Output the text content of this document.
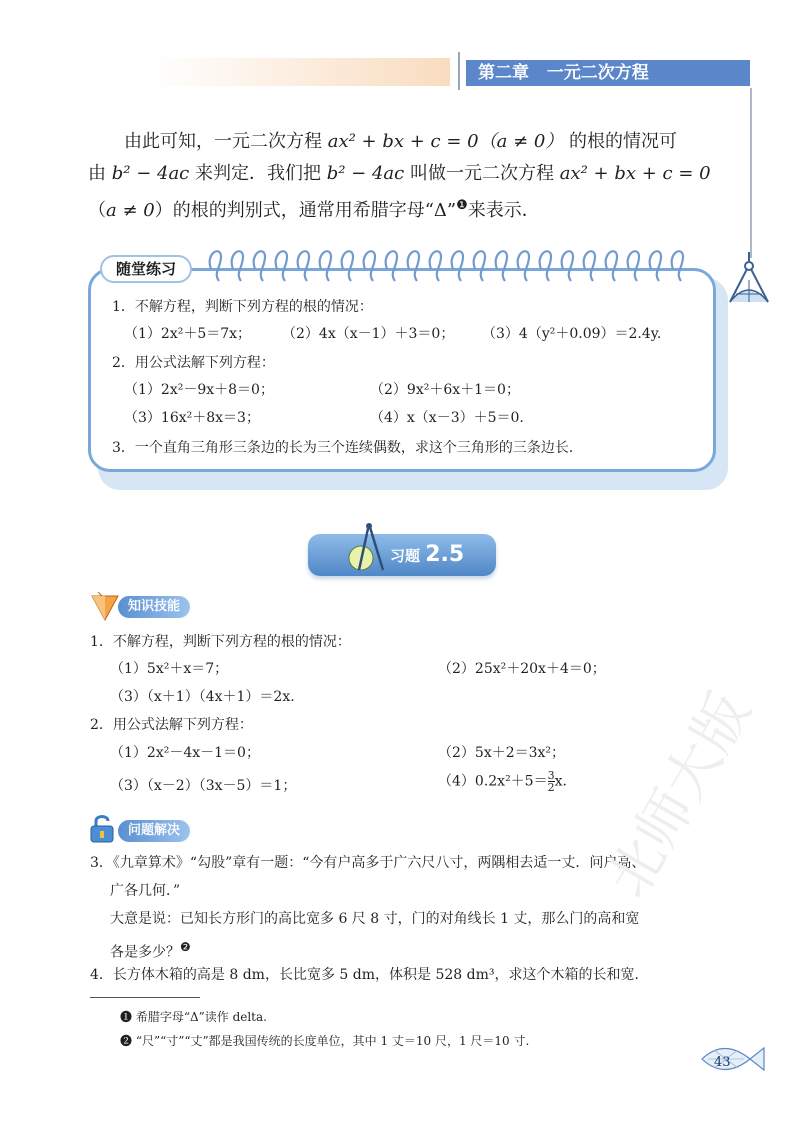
第二章 一元二次方程
由此可知，一元二次方程 ax² + bx + c = 0（a ≠ 0） 的根的情况可
由 b² − 4ac 来判定．我们把 b² − 4ac 叫做一元二次方程 ax² + bx + c = 0
（a ≠ 0）的根的判别式，通常用希腊字母“Δ”$^❶$来表示．
随堂练习
1．不解方程，判断下列方程的根的情况：
（1）2x²＋5＝7x； （2）4x（x－1）＋3＝0； （3）4（y²＋0.09）＝2.4y.
2．用公式法解下列方程：
（1）2x²－9x＋8＝0；	（2）9x²＋6x＋1＝0；
（3）16x²＋8x＝3；	（4）x（x－3）＋5＝0.
3．一个直角三角形三条边的长为三个连续偶数，求这个三角形的三条边长．
习题 2.5
知识技能
1．不解方程，判断下列方程的根的情况：
（1）5x²＋x＝7；	（2）25x²＋20x＋4＝0；
（3）（x＋1）（4x＋1）＝2x.
2．用公式法解下列方程：
（1）2x²－4x－1＝0；	（2）5x＋2＝3x²；
（3）（x－2）（3x－5）＝1；	$(4)0.2x^2+5= \frac{3}{2} x$.
问题解决
3．《九章算术》“勾股”章有一题：“今有户高多于广六尺八寸，两隅相去适一丈．问户高、
广各几何．”
大意是说：已知长方形门的高比宽多 6 尺 8 寸，门的对角线长 1 丈，那么门的高和宽
各是多少？$^❷$
4．长方体木箱的高是 8 dm，长比宽多 5 dm，体积是 528 dm³，求这个木箱的长和宽．
❶ 希腊字母“Δ”读作 delta.
❷ “尺”“寸”“丈”都是我国传统的长度单位，其中 1 丈＝10 尺，1 尺＝10 寸.
北师大版
43
